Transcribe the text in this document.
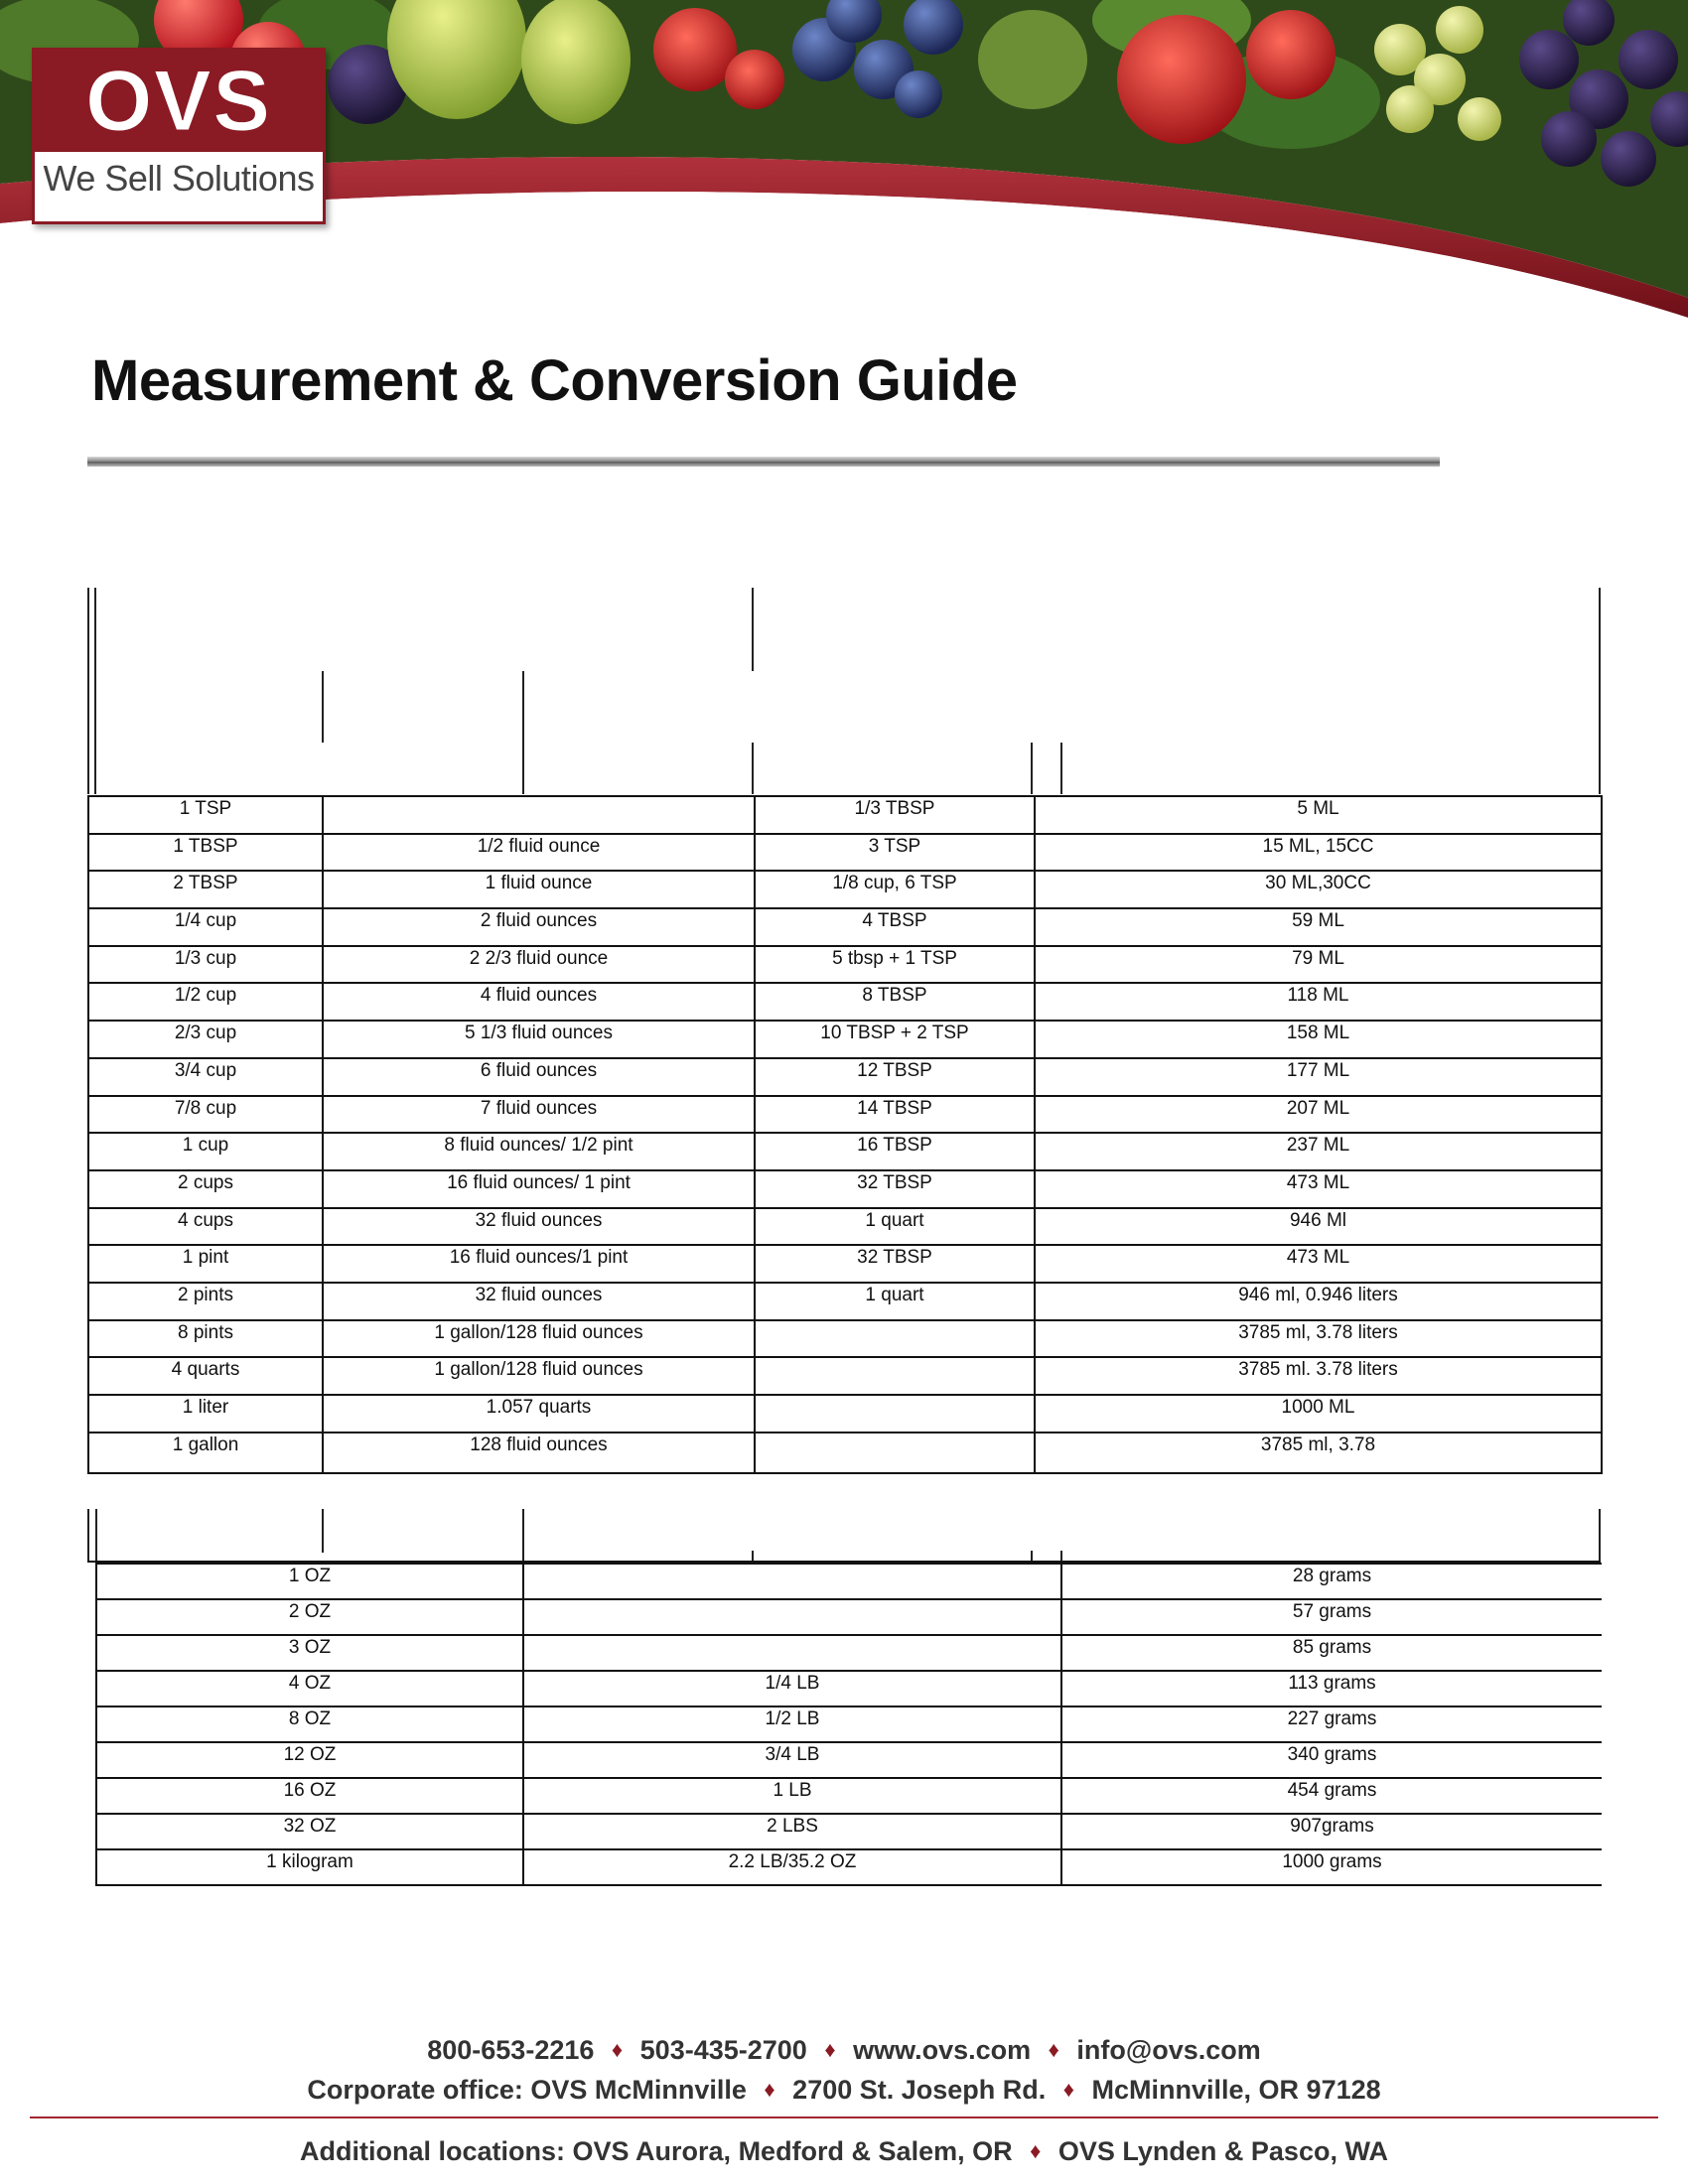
OVS
We Sell Solutions
Measurement & Conversion Guide
1 TSP		1/3 TBSP	5 ML
1 TBSP	1/2 fluid ounce	3 TSP	15 ML, 15CC
2 TBSP	1 fluid ounce	1/8 cup, 6 TSP	30 ML,30CC
1/4 cup	2 fluid ounces	4 TBSP	59 ML
1/3 cup	2 2/3 fluid ounce	5 tbsp + 1 TSP	79 ML
1/2 cup	4 fluid ounces	8 TBSP	118 ML
2/3 cup	5 1/3 fluid ounces	10 TBSP + 2 TSP	158 ML
3/4 cup	6 fluid ounces	12 TBSP	177 ML
7/8 cup	7 fluid ounces	14 TBSP	207 ML
1 cup	8 fluid ounces/ 1/2 pint	16 TBSP	237 ML
2 cups	16 fluid ounces/ 1 pint	32 TBSP	473 ML
4 cups	32 fluid ounces	1 quart	946 Ml
1 pint	16 fluid ounces/1 pint	32 TBSP	473 ML
2 pints	32 fluid ounces	1 quart	946 ml, 0.946 liters
8 pints	1 gallon/128 fluid ounces		3785 ml, 3.78 liters
4 quarts	1 gallon/128 fluid ounces		3785 ml. 3.78 liters
1 liter	1.057 quarts		1000 ML
1 gallon	128 fluid ounces		3785 ml, 3.78
1 OZ		28 grams
2 OZ		57 grams
3 OZ		85 grams
4 OZ	1/4 LB	113 grams
8 OZ	1/2 LB	227 grams
12 OZ	3/4 LB	340 grams
16 OZ	1 LB	454 grams
32 OZ	2 LBS	907grams
1 kilogram	2.2 LB/35.2 OZ	1000 grams
800-653-2216 ♦ 503-435-2700 ♦ www.ovs.com ♦ info@ovs.com
Corporate office: OVS McMinnville ♦ 2700 St. Joseph Rd. ♦ McMinnville, OR 97128
Additional locations: OVS Aurora, Medford & Salem, OR ♦ OVS Lynden & Pasco, WA
